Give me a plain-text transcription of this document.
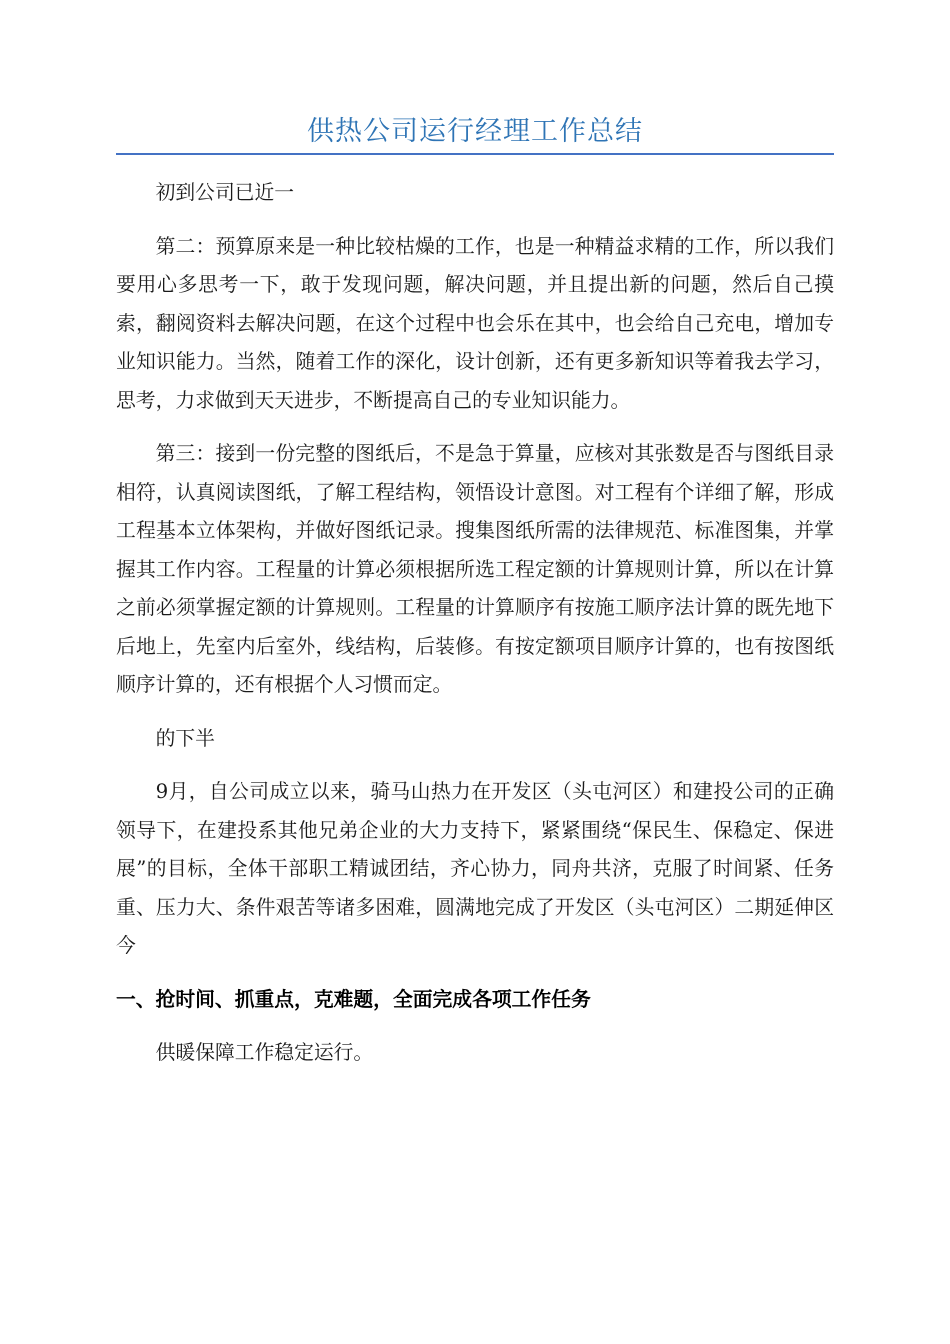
供热公司运行经理工作总结

初到公司已近一

第二：预算原来是一种比较枯燥的工作，也是一种精益求精的工作，所以我们要用心多思考一下，敢于发现问题，解决问题，并且提出新的问题，然后自己摸索，翻阅资料去解决问题，在这个过程中也会乐在其中，也会给自己充电，增加专业知识能力。当然，随着工作的深化，设计创新，还有更多新知识等着我去学习，思考，力求做到天天进步，不断提高自己的专业知识能力。

第三：接到一份完整的图纸后，不是急于算量，应核对其张数是否与图纸目录相符，认真阅读图纸，了解工程结构，领悟设计意图。对工程有个详细了解，形成工程基本立体架构，并做好图纸记录。搜集图纸所需的法律规范、标准图集，并掌握其工作内容。工程量的计算必须根据所选工程定额的计算规则计算，所以在计算之前必须掌握定额的计算规则。工程量的计算顺序有按施工顺序法计算的既先地下后地上，先室内后室外，线结构，后装修。有按定额项目顺序计算的，也有按图纸顺序计算的，还有根据个人习惯而定。

的下半

9月，自公司成立以来，骑马山热力在开发区（头屯河区）和建投公司的正确领导下，在建投系其他兄弟企业的大力支持下，紧紧围绕“保民生、保稳定、保进展”的目标，全体干部职工精诚团结，齐心协力，同舟共济，克服了时间紧、任务重、压力大、条件艰苦等诸多困难，圆满地完成了开发区（头屯河区）二期延伸区今

一、抢时间、抓重点，克难题，全面完成各项工作任务

供暖保障工作稳定运行。
